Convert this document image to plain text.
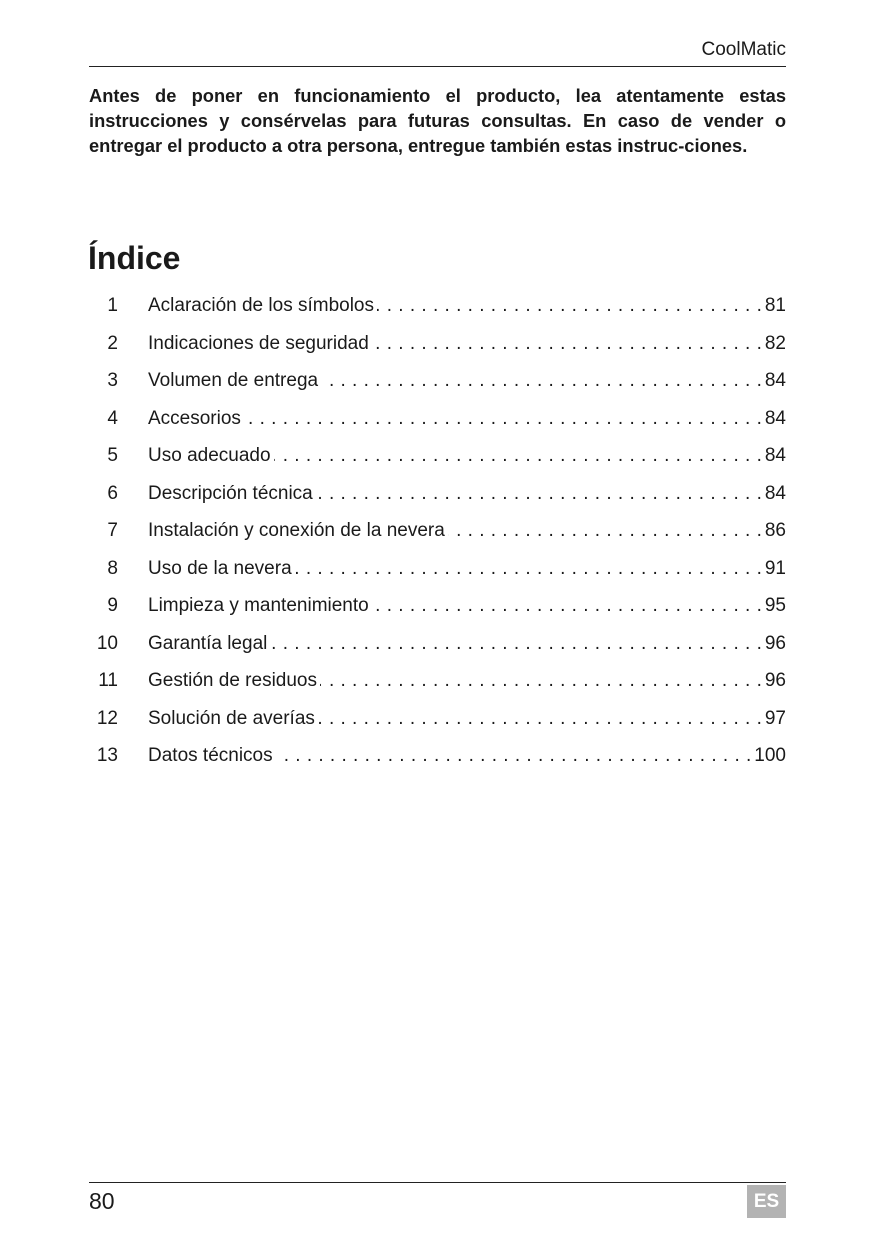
CoolMatic

Antes de poner en funcionamiento el producto, lea atentamente estas instrucciones y consérvelas para futuras consultas. En caso de vender o entregar el producto a otra persona, entregue también estas instruc-ciones.

Índice
1 Aclaración de los símbolos . . .	81
2 Indicaciones de seguridad . . .	82
3 Volumen de entrega . . .	84
4 Accesorios . . .	84
5 Uso adecuado . . .	84
6 Descripción técnica . . .	84
7 Instalación y conexión de la nevera . . .	86
8 Uso de la nevera . . .	91
9 Limpieza y mantenimiento . . .	95
10 Garantía legal . . .	96
11 Gestión de residuos . . .	96
12 Solución de averías . . .	97
13 Datos técnicos . . .	100
80	ES
